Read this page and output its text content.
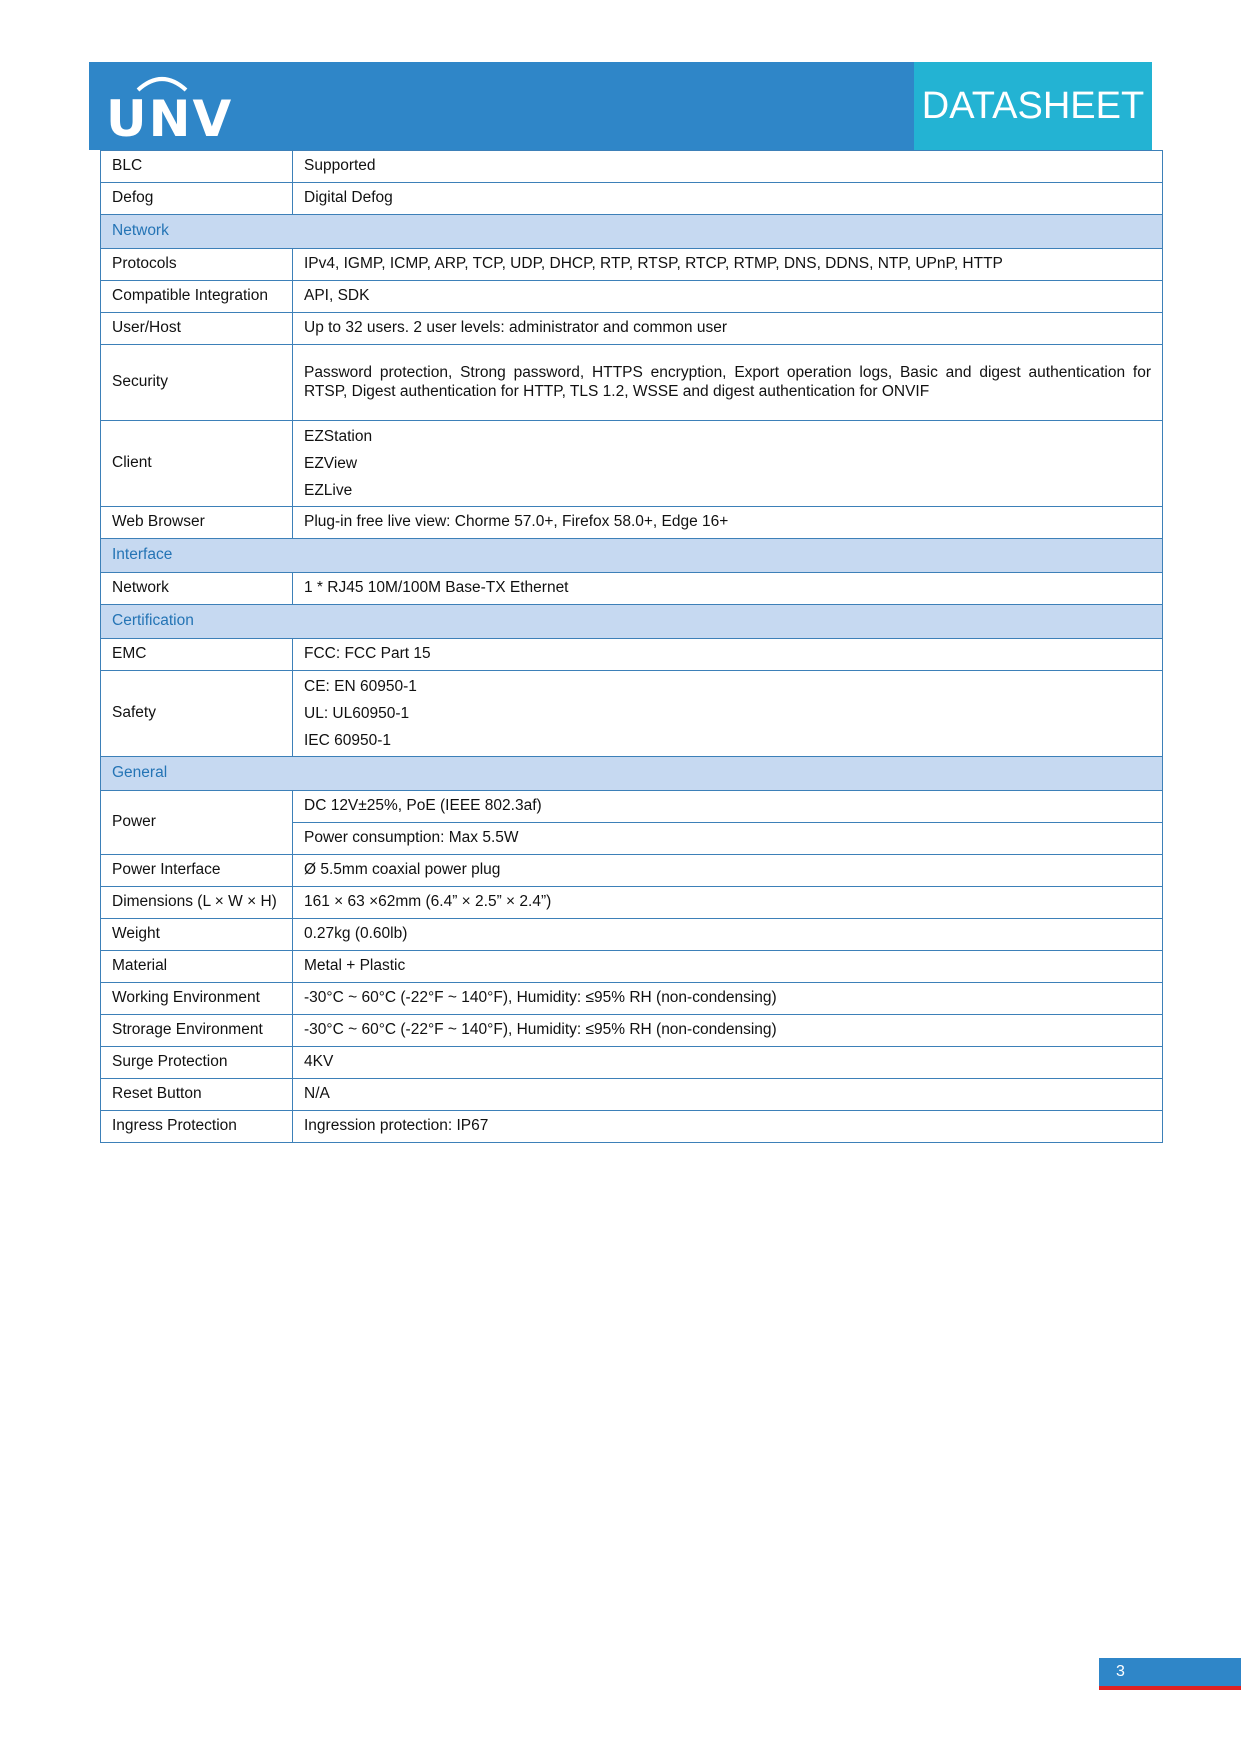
UNV	DATASHEET
BLC	Supported
Defog	Digital Defog
Network	
Protocols	IPv4, IGMP, ICMP, ARP, TCP, UDP, DHCP, RTP, RTSP, RTCP, RTMP, DNS, DDNS, NTP, UPnP, HTTP
Compatible Integration	API, SDK
User/Host	Up to 32 users. 2 user levels: administrator and common user
Security	Password protection, Strong password, HTTPS encryption, Export operation logs, Basic and digest authentication for RTSP, Digest authentication for HTTP, TLS 1.2, WSSE and digest authentication for ONVIF
Client	EZStation
EZView
EZLive

Web Browser	Plug-in free live view: Chorme 57.0+, Firefox 58.0+, Edge 16+
Interface	
Network	1 * RJ45 10M/100M Base-TX Ethernet
Certification	
EMC	FCC: FCC Part 15
Safety	CE: EN 60950-1
UL: UL60950-1
IEC 60950-1

General	
Power	DC 12V±25%, PoE (IEEE 802.3af)
	Power consumption: Max 5.5W
Power Interface	Ø 5.5mm coaxial power plug
Dimensions (L × W × H)	161 × 63 ×62mm (6.4” × 2.5” × 2.4”)
Weight	0.27kg (0.60lb)
Material	Metal + Plastic
Working Environment	-30°C ~ 60°C (-22°F ~ 140°F), Humidity: ≤95% RH (non-condensing)
Strorage Environment	-30°C ~ 60°C (-22°F ~ 140°F), Humidity: ≤95% RH (non-condensing)
Surge Protection	4KV
Reset Button	N/A
Ingress Protection	Ingression protection: IP67
3
